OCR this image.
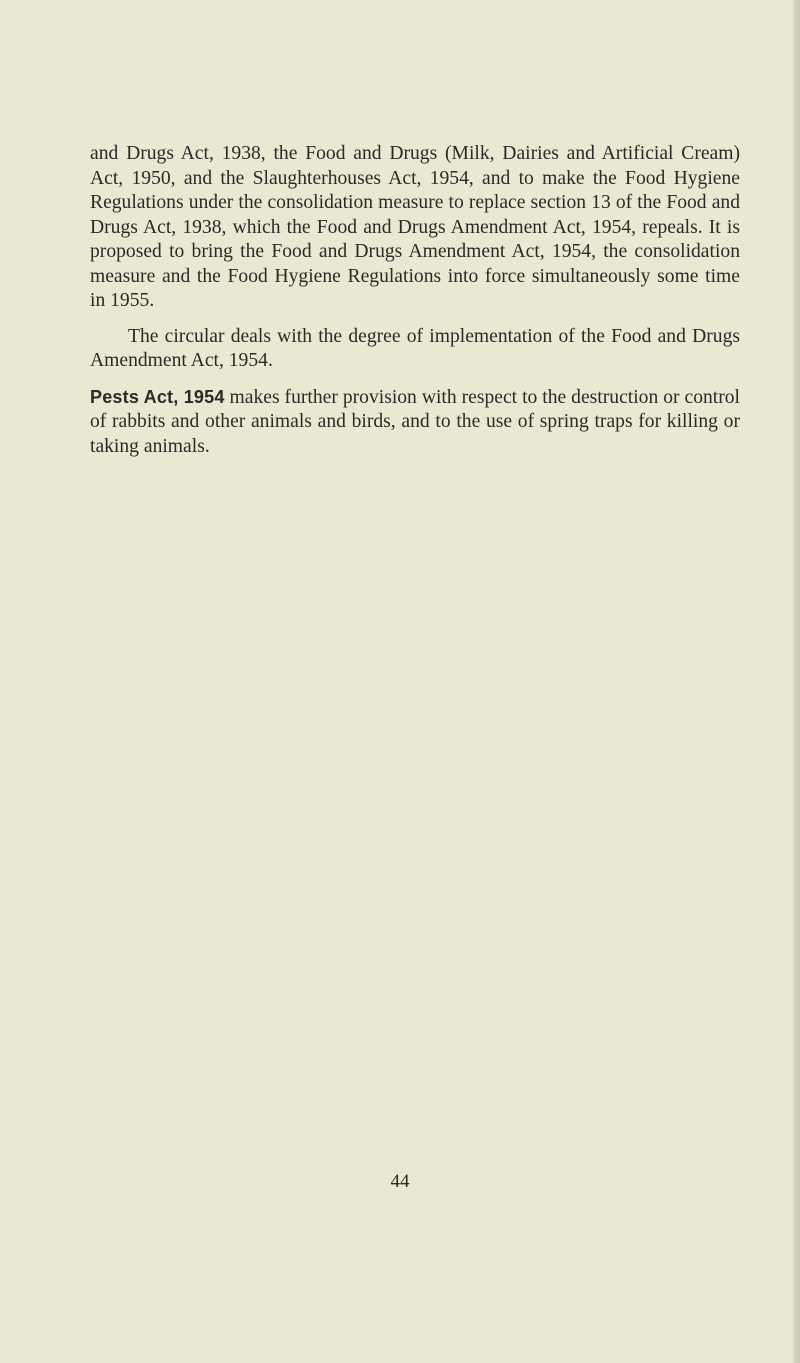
and Drugs Act, 1938, the Food and Drugs (Milk, Dairies and Artificial Cream) Act, 1950, and the Slaughterhouses Act, 1954, and to make the Food Hygiene Regulations under the consolidation measure to replace section 13 of the Food and Drugs Act, 1938, which the Food and Drugs Amendment Act, 1954, repeals. It is proposed to bring the Food and Drugs Amendment Act, 1954, the consolidation measure and the Food Hygiene Regulations into force simultaneously some time in 1955.

The circular deals with the degree of implementation of the Food and Drugs Amendment Act, 1954.

Pests Act, 1954 makes further provision with respect to the destruction or control of rabbits and other animals and birds, and to the use of spring traps for killing or taking animals.

44
